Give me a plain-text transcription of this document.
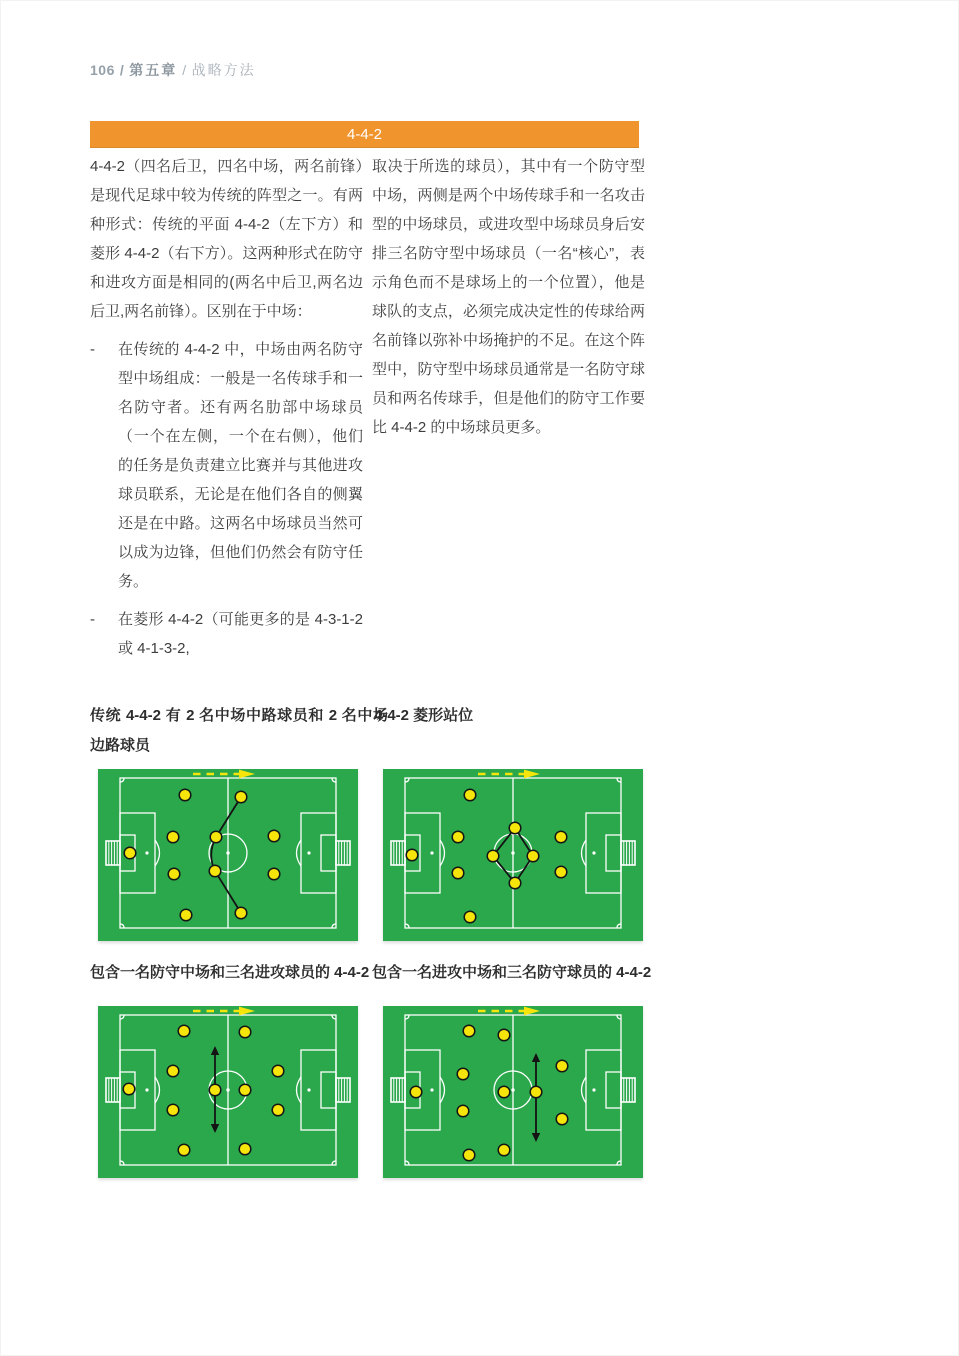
106 / 第五章 / 战略方法
4-4-2

4-4-2（四名后卫，四名中场，两名前锋）是现代足球中较为传统的阵型之一。有两种形式：传统的平面 4-4-2（左下方）和菱形 4-4-2（右下方）。这两种形式在防守和进攻方面是相同的(两名中后卫,两名边后卫,两名前锋）。区别在于中场：

-	在传统的 4-4-2 中，中场由两名防守型中场组成：一般是一名传球手和一名防守者。还有两名肋部中场球员（一个在左侧，一个在右侧），他们的任务是负责建立比赛并与其他进攻球员联系，无论是在他们各自的侧翼还是在中路。这两名中场球员当然可以成为边锋，但他们仍然会有防守任务。

-	在菱形 4-4-2（可能更多的是 4-3-1-2 或 4-1-3-2,

取决于所选的球员），其中有一个防守型中场，两侧是两个中场传球手和一名攻击型的中场球员，或进攻型中场球员身后安排三名防守型中场球员（一名“核心”，表示角色而不是球场上的一个位置），他是球队的支点，必须完成决定性的传球给两名前锋以弥补中场掩护的不足。在这个阵型中，防守型中场球员通常是一名防守球员和两名传球手，但是他们的防守工作要比 4-4-2 的中场球员更多。

传统 4-4-2 有 2 名中场中路球员和 2 名中场边路球员
4-4-2 菱形站位
包含一名防守中场和三名进攻球员的 4-4-2 包含一名进攻中场和三名防守球员的 4-4-2
